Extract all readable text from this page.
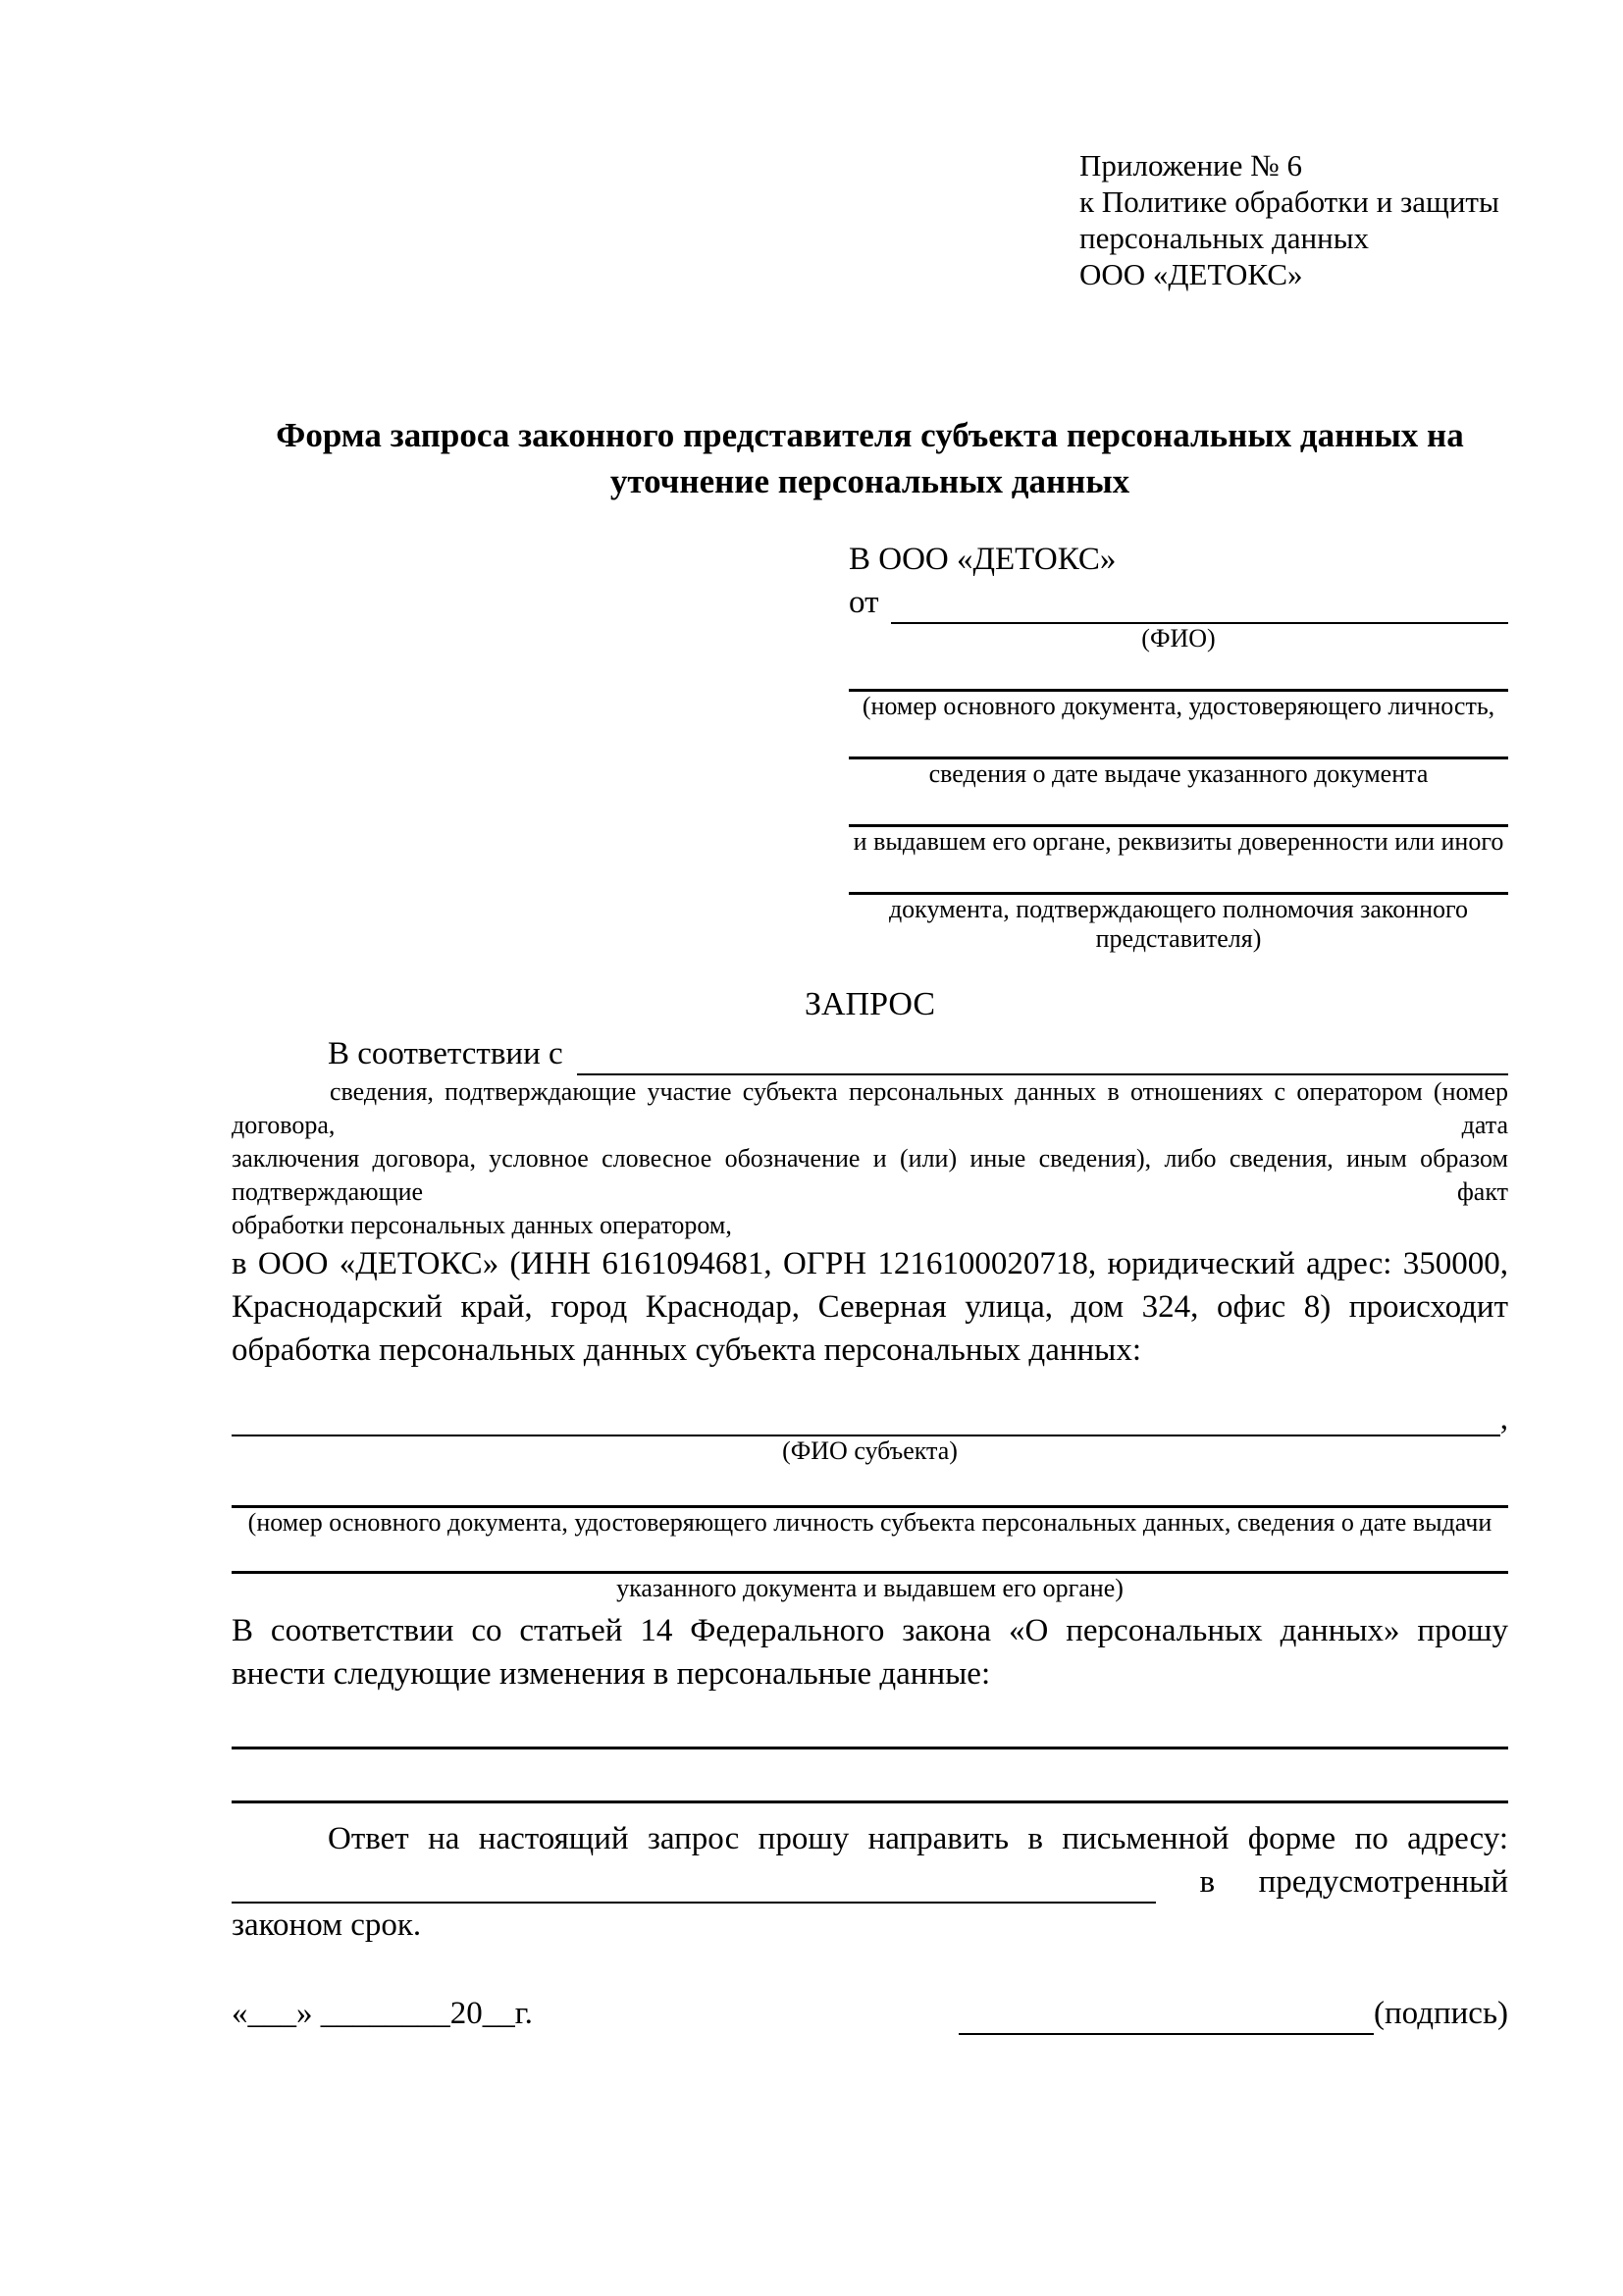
Приложение № 6
к Политике обработки и защиты
персональных данных
ООО «ДЕТОКС»
Форма запроса законного представителя субъекта персональных данных на уточнение персональных данных
В ООО «ДЕТОКС»
от
(ФИО)
(номер основного документа, удостоверяющего личность,
сведения о дате выдаче указанного документа
и выдавшем его органе, реквизиты доверенности или иного
документа, подтверждающего полномочия законного представителя)
ЗАПРОС
В соответствии с
сведения, подтверждающие участие субъекта персональных данных в отношениях с оператором (номер договора, дата
заключения договора, условное словесное обозначение и (или) иные сведения), либо сведения, иным образом подтверждающие факт
обработки персональных данных оператором,
в ООО «ДЕТОКС» (ИНН 6161094681, ОГРН 1216100020718, юридический адрес: 350000,
Краснодарский край, город Краснодар, Северная улица, дом 324, офис 8) происходит
обработка персональных данных субъекта персональных данных:
,
(ФИО субъекта)
(номер основного документа, удостоверяющего личность субъекта персональных данных, сведения о дате выдачи
указанного документа и выдавшем его органе)
В соответствии со статьей 14 Федерального закона «О персональных данных» прошу
внести следующие изменения в персональные данные:
Ответ на настоящий запрос прошу направить в письменной форме по адресу:
в предусмотренный
законом срок.
«___» ________20__г.	(подпись)
